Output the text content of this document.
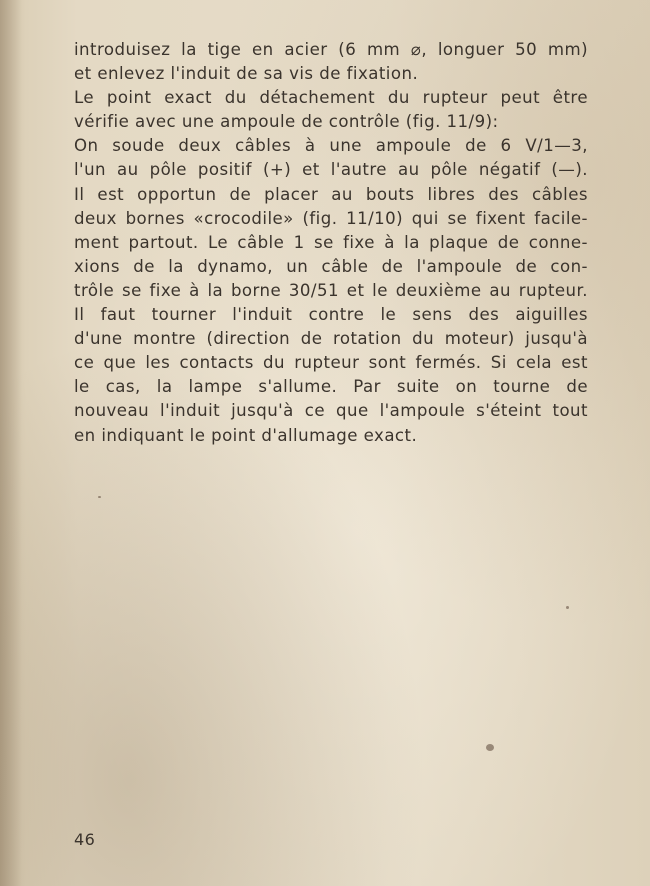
introduisez la tige en acier (6 mm ⌀, longuer 50 mm)
et enlevez l'induit de sa vis de fixation.
Le point exact du détachement du rupteur peut être
vérifie avec une ampoule de contrôle (fig. 11/9):
On soude deux câbles à une ampoule de 6 V/1—3,
l'un au pôle positif (+) et l'autre au pôle négatif (—).
Il est opportun de placer au bouts libres des câbles
deux bornes «crocodile» (fig. 11/10) qui se fixent facile-
ment partout. Le câble 1 se fixe à la plaque de conne-
xions de la dynamo, un câble de l'ampoule de con-
trôle se fixe à la borne 30/51 et le deuxième au rupteur.
Il faut tourner l'induit contre le sens des aiguilles
d'une montre (direction de rotation du moteur) jusqu'à
ce que les contacts du rupteur sont fermés. Si cela est
le cas, la lampe s'allume. Par suite on tourne de
nouveau l'induit jusqu'à ce que l'ampoule s'éteint tout
en indiquant le point d'allumage exact.
46
